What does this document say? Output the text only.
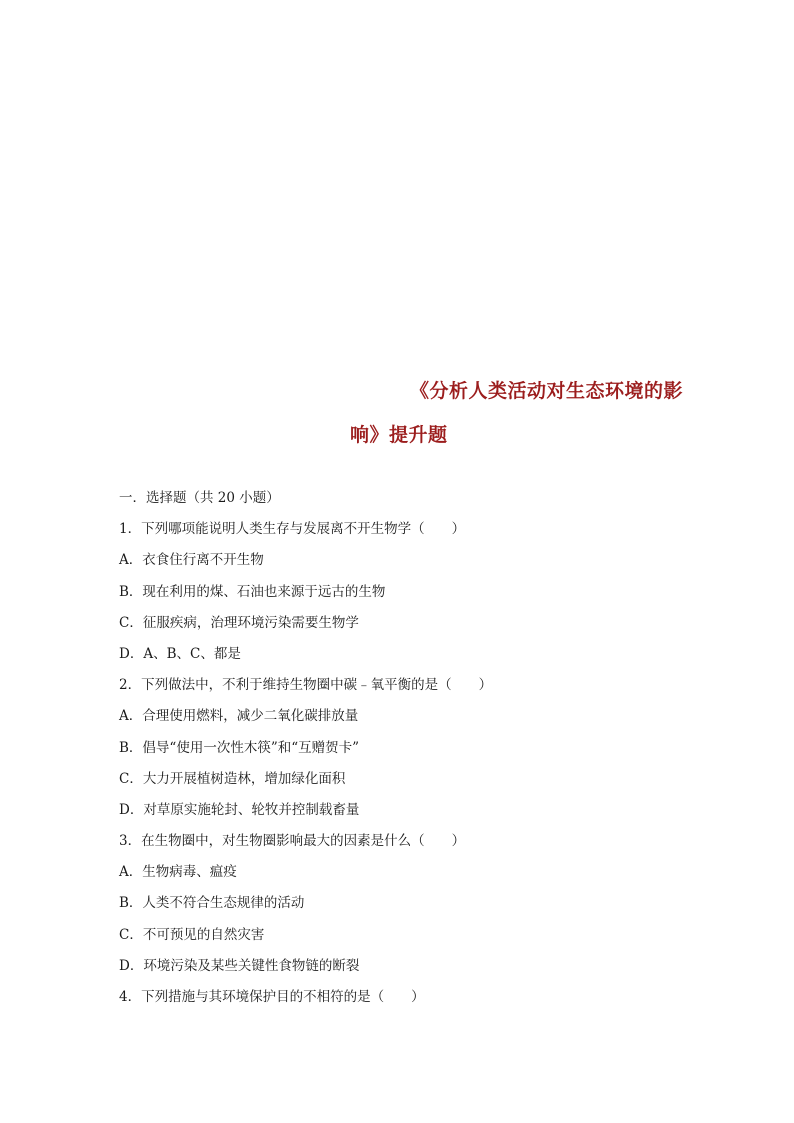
《分析人类活动对生态环境的影
响》提升题
一．选择题（共 20 小题）
1．下列哪项能说明人类生存与发展离不开生物学（　　）
A．衣食住行离不开生物
B．现在利用的煤、石油也来源于远古的生物
C．征服疾病，治理环境污染需要生物学
D．A、B、C、都是
2．下列做法中，不利于维持生物圈中碳﹣氧平衡的是（　　）
A．合理使用燃料，减少二氧化碳排放量
B．倡导“使用一次性木筷”和“互赠贺卡”
C．大力开展植树造林，增加绿化面积
D．对草原实施轮封、轮牧并控制载畜量
3．在生物圈中，对生物圈影响最大的因素是什么（　　）
A．生物病毒、瘟疫
B．人类不符合生态规律的活动
C．不可预见的自然灾害
D．环境污染及某些关键性食物链的断裂
4．下列措施与其环境保护目的不相符的是（　　）
